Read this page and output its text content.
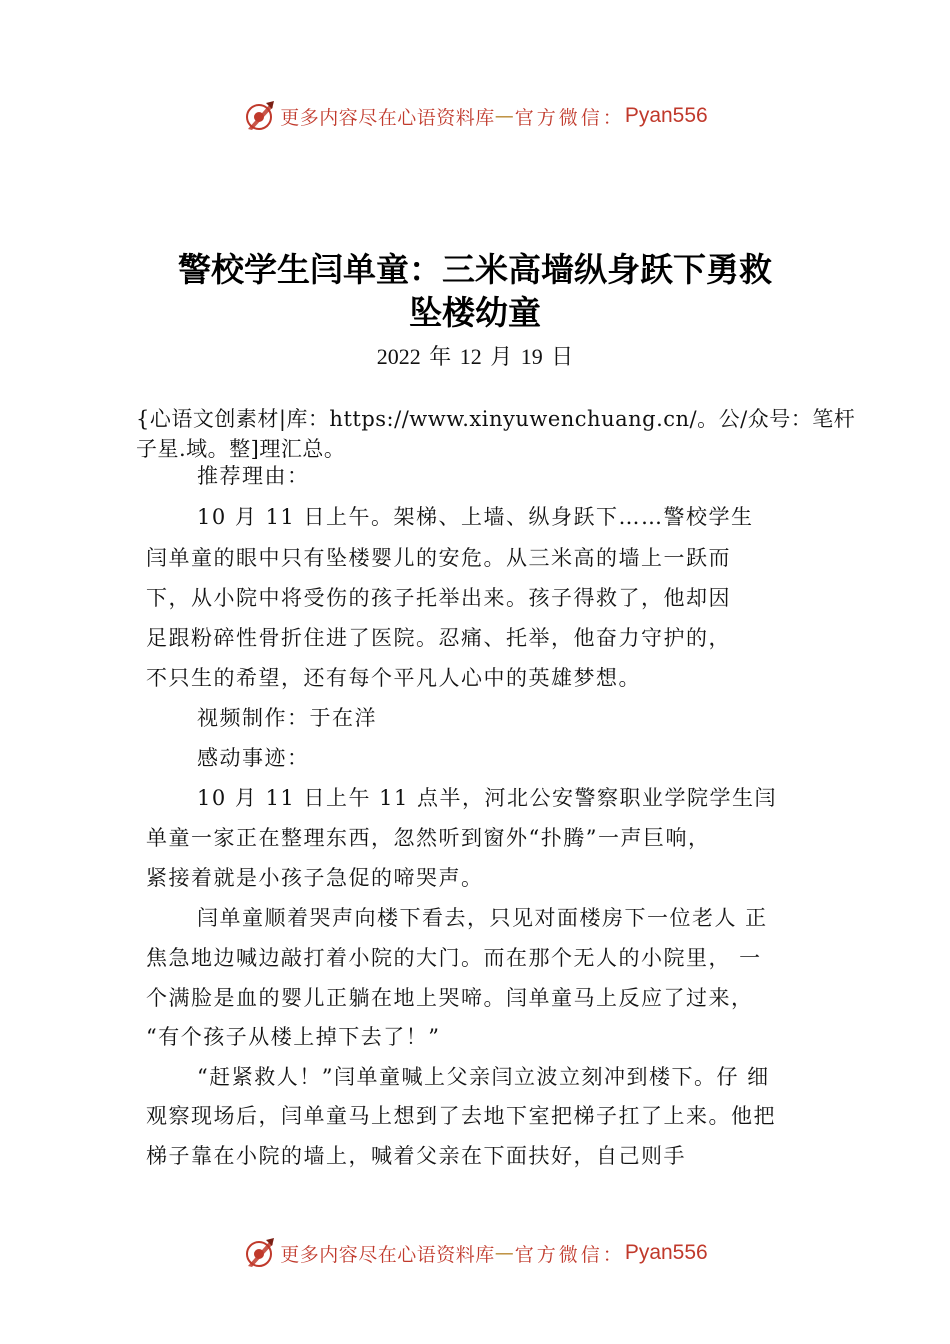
更多内容尽在心语资料库 — 官方微信： Pyan556
警校学生闫单童：三米高墙纵身跃下勇救
坠楼幼童
2022 年 12 月 19 日
{心语文创素材|库：https://www.xinyuwenchuang.cn/。公/众号：笔杆子星.域。整]理汇总。
推荐理由：
10 月 11 日上午。架梯、上墙、纵身跃下……警校学生
闫单童的眼中只有坠楼婴儿的安危。从三米高的墙上一跃而
下，从小院中将受伤的孩子托举出来。孩子得救了，他却因
足跟粉碎性骨折住进了医院。忍痛、托举，他奋力守护的，
不只生的希望，还有每个平凡人心中的英雄梦想。
视频制作：于在洋
感动事迹：
10 月 11 日上午 11 点半，河北公安警察职业学院学生闫
单童一家正在整理东西，忽然听到窗外“扑腾”一声巨响，
紧接着就是小孩子急促的啼哭声。
闫单童顺着哭声向楼下看去，只见对面楼房下一位老人 正
焦急地边喊边敲打着小院的大门。而在那个无人的小院里， 一
个满脸是血的婴儿正躺在地上哭啼。闫单童马上反应了过来，
“有个孩子从楼上掉下去了！”
“赶紧救人！”闫单童喊上父亲闫立波立刻冲到楼下。仔 细
观察现场后，闫单童马上想到了去地下室把梯子扛了上来。他把
梯子靠在小院的墙上，喊着父亲在下面扶好，自己则手
更多内容尽在心语资料库 — 官方微信： Pyan556
